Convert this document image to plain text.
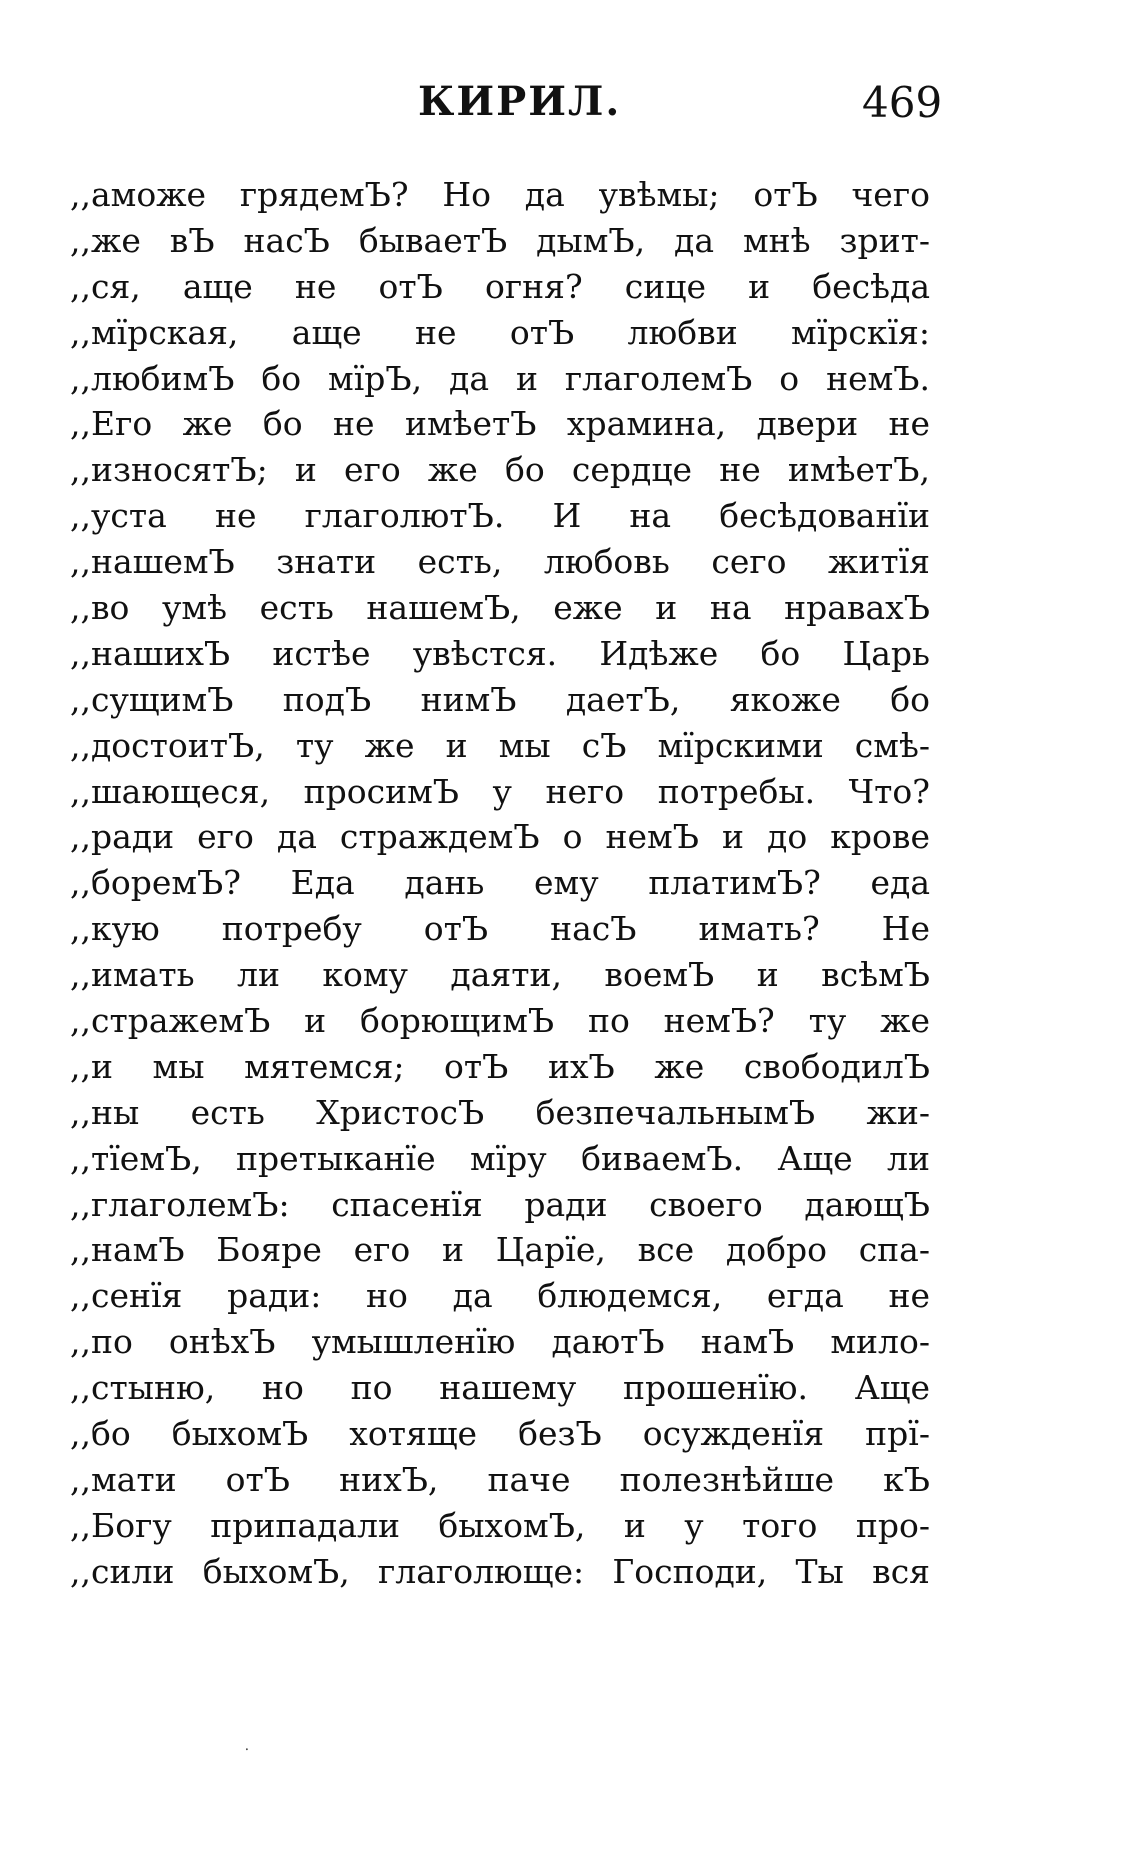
КИРИЛ.	469
,,аможе грядемЪ? Но да увѣмы; отЪ чего
,,же вЪ насЪ бываетЪ дымЪ, да мнѣ зрит-
,,ся, аще не отЪ огня? сице и бесѣда
,,мїрская, аще не отЪ любви мїрскїя:
,,любимЪ бо мїрЪ, да и глаголемЪ о немЪ.
,,Его же бо не имѣетЪ храмина, двери не
,,износятЪ; и его же бо сердце не имѣетЪ,
,,уста не глаголютЪ. И на бесѣдованїи
,,нашемЪ знати есть, любовь сего житїя
,,во умѣ есть нашемЪ, еже и на нравахЪ
,,нашихЪ истѣе увѣстся. Идѣже бо Царь
,,сущимЪ подЪ нимЪ даетЪ, якоже бо
,,достоитЪ, ту же и мы сЪ мїрскими смѣ-
,,шающеся, просимЪ у него потребы. Что?
,,ради его да страждемЪ о немЪ и до крове
,,боремЪ? Еда дань ему платимЪ? еда
,,кую потребу отЪ насЪ имать? Не
,,имать ли кому даяти, воемЪ и всѣмЪ
,,стражемЪ и борющимЪ по немЪ? ту же
,,и мы мятемся; отЪ ихЪ же свободилЪ
,,ны есть ХристосЪ безпечальнымЪ жи-
,,тїемЪ, претыканїе мїру биваемЪ. Аще ли
,,глаголемЪ: спасенїя ради своего дающЪ
,,намЪ Бояре его и Царїе, все добро спа-
,,сенїя ради: но да блюдемся, егда не
,,по онѣхЪ умышленїю даютЪ намЪ мило-
,,стыню, но по нашему прошенїю. Аще
,,бо быхомЪ хотяще безЪ осужденїя прї-
,,мати отЪ нихЪ, паче полезнѣйше кЪ
,,Богу припадали быхомЪ, и у того про-
,,сили быхомЪ, глаголюще: Господи, Ты вся
⸱
